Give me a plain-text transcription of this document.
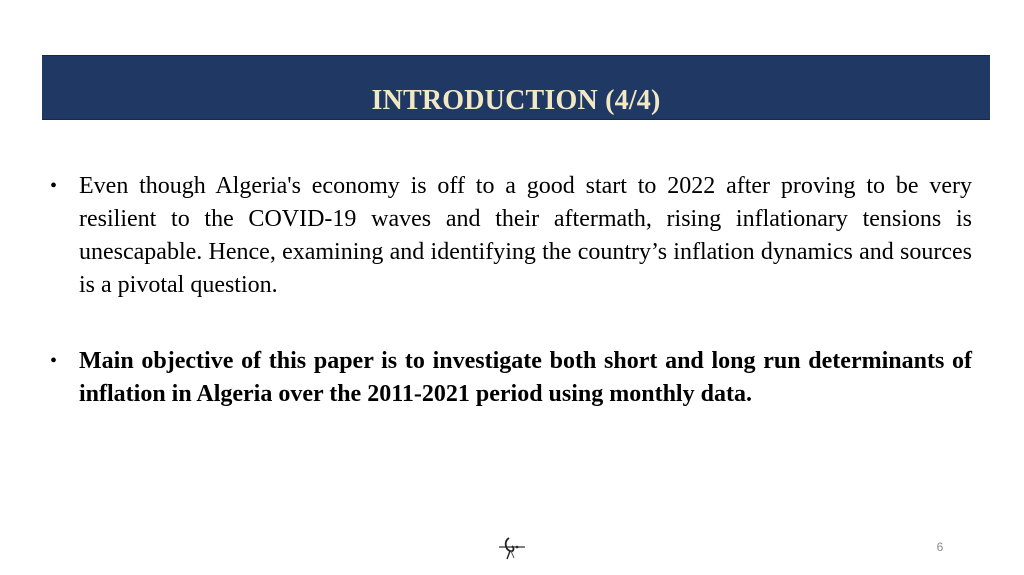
INTRODUCTION (4/4)
• Even though Algeria's economy is off to a good start to 2022 after proving to be very resilient to the COVID-19 waves and their aftermath, rising inflationary tensions is unescapable. Hence, examining and identifying the country’s inflation dynamics and sources is a pivotal question.
• Main objective of this paper is to investigate both short and long run determinants of inflation in Algeria over the 2011-2021 period using monthly data.
6
